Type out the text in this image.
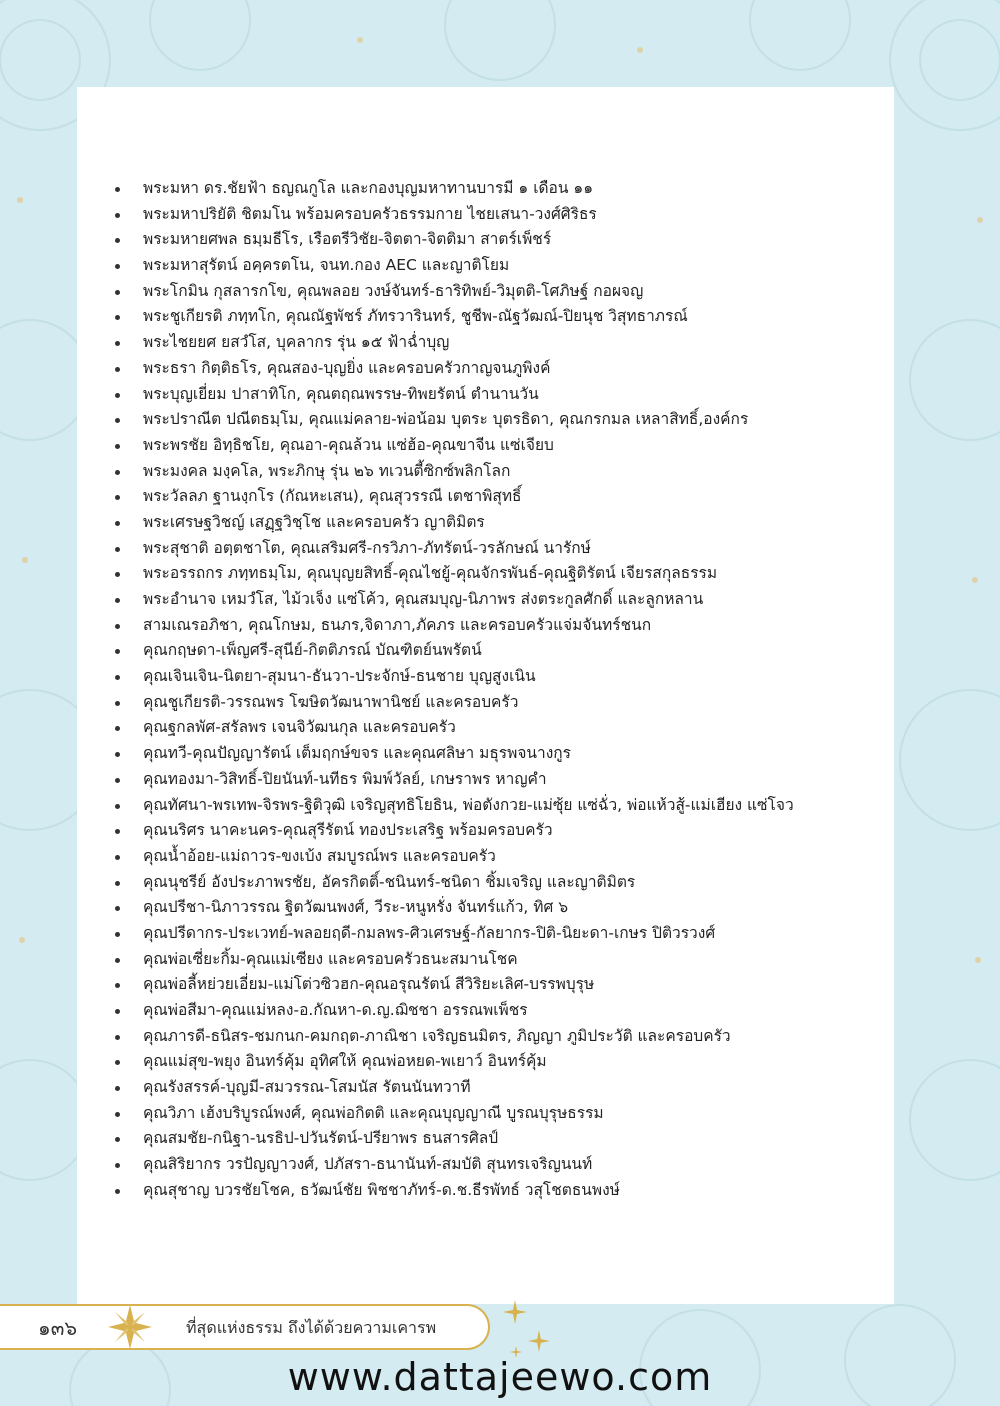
พระมหา ดร.ชัยฟ้า ธญณกูโล และกองบุญมหาทานบารมี ๑ เดือน ๑๑
พระมหาปริยัติ ชิตมโน พร้อมครอบครัวธรรมกาย ไชยเสนา-วงศ์ศิริธร
พระมหายศพล ธมฺมธีโร, เรือตรีวิชัย-จิตตา-จิตติมา สาตร์เพ็ชร์
พระมหาสุรัตน์ อคฺครตโน, จนท.กอง AEC และญาติโยม
พระโกมิน กุสลารกโข, คุณพลอย วงษ์จันทร์-ธาริทิพย์-วิมุตติ-โศภิษฐ์ กอผจญ
พระชูเกียรติ ภทฺทโก, คุณณัฐพัชร์ ภัทรวารินทร์, ชูชีพ-ณัฐวัฒณ์-ปิยนุช วิสุทธาภรณ์
พระไชยยศ ยสวํโส, บุคลากร รุ่น ๑๕ ฟ้าฉ่ำบุญ
พระธรา กิตฺติธโร, คุณสอง-บุญยิ่ง และครอบครัวกาญจนภูพิงค์
พระบุญเยี่ยม ปาสาทิโก, คุณตฤณพรรษ-ทิพยรัตน์ ตำนานวัน
พระปราณีต ปณีตธมฺโม, คุณแม่คลาย-พ่อน้อม บุตระ บุตรธิดา, คุณกรกมล เหลาสิทธิ์,องค์กร
พระพรชัย อิทฺธิชโย, คุณอา-คุณล้วน แซ่ฮ้อ-คุณขาจีน แซ่เจียบ
พระมงคล มงฺคโล, พระภิกษุ รุ่น ๒๖ ทเวนตี้ซิกซ์พลิกโลก
พระวัลลภ ฐานงฺกโร (กัณหะเสน), คุณสุวรรณี เตชาพิสุทธิ์
พระเศรษฐวิชญ์ เสฏฺฐวิชฺโช และครอบครัว ญาติมิตร
พระสุชาติ อตฺตชาโต, คุณเสริมศรี-กรวิภา-ภัทรัตน์-วรลักษณ์ นารักษ์
พระอรรถกร ภทฺทธมฺโม, คุณบุญยสิทธิ์-คุณไชยู้-คุณจักรพันธ์-คุณฐิติรัตน์ เจียรสกุลธรรม
พระอำนาจ เหมวํโส, ไม้วเจ็ง แซ่โค้ว, คุณสมบุญ-นิภาพร ส่งตระกูลศักดิ์ และลูกหลาน
สามเณรอภิชา, คุณโกษม, ธนภร,จิดาภา,ภัคภร และครอบครัวแจ่มจันทร์ชนก
คุณกฤษดา-เพ็ญศรี-สุนีย์-กิตติภรณ์ บัณฑิตย์นพรัตน์
คุณเจินเจิน-นิตยา-สุมนา-ธันวา-ประจักษ์-ธนชาย บุญสูงเนิน
คุณชูเกียรติ-วรรณพร โฆษิตวัฒนาพานิชย์ และครอบครัว
คุณฐกลพัศ-สรัลพร เจนจิวัฒนกุล และครอบครัว
คุณทวี-คุณปัญญารัตน์ เต็มฤกษ์ขจร และคุณศลิษา มธุรพจนางกูร
คุณทองมา-วิสิทธิ์-ปิยนันท์-นทีธร พิมพ์วัลย์, เกษราพร หาญคำ
คุณทัศนา-พรเทพ-จิรพร-ฐิติวุฒิ เจริญสุทธิโยธิน, พ่อตังกวย-แม่ซุ้ย แซ่ฉั่ว, พ่อแห้วสู้-แม่เฮียง แซ่โจว
คุณนริศร นาคะนคร-คุณสุรีรัตน์ ทองประเสริฐ พร้อมครอบครัว
คุณน้ำอ้อย-แม่ถาวร-ขงเบ้ง สมบูรณ์พร และครอบครัว
คุณนุชรีย์ อังประภาพรชัย, อัครกิตติ์-ชนินทร์-ชนิดา ชิ้มเจริญ และญาติมิตร
คุณปรีชา-นิภาวรรณ ฐิตวัฒนพงศ์, วีระ-หนูหรั่ง จันทร์แก้ว, ทิศ ๖
คุณปรีดากร-ประเวทย์-พลอยฤดี-กมลพร-ศิวเศรษฐ์-กัลยากร-ปิติ-นิยะดา-เกษร ปิติวรวงศ์
คุณพ่อเซี่ยะกิ้ม-คุณแม่เซียง และครอบครัวธนะสมานโชค
คุณพ่อลี้หย่วยเอี่ยม-แม่โต่วซิวฮก-คุณอรุณรัตน์ สีวิริยะเลิศ-บรรพบุรุษ
คุณพ่อสีมา-คุณแม่หลง-อ.กัณหา-ด.ญ.ฌิชชา อรรณพเพ็ชร
คุณภารดี-ธนิสร-ชมกนก-คมกฤต-ภาณิชา เจริญธนมิตร, ภิญญา ภูมิประวัติ และครอบครัว
คุณแม่สุข-พยุง อินทร์คุ้ม อุทิศให้ คุณพ่อหยด-พเยาว์ อินทร์คุ้ม
คุณรังสรรค์-บุญมี-สมวรรณ-โสมนัส รัตนนันทวาที
คุณวิภา เฮ้งบริบูรณ์พงศ์, คุณพ่อกิตติ และคุณบุญญาณี บูรณบุรุษธรรม
คุณสมชัย-กนิฐา-นรธิป-ปวันรัตน์-ปรียาพร ธนสารศิลป์
คุณสิริยากร วรปัญญาวงศ์, ปภัสรา-ธนานันท์-สมบัติ สุนทรเจริญนนท์
คุณสุชาญ บวรชัยโชค, ธวัฒน์ชัย พิชชาภัทร์-ด.ช.ธีรพัทธ์ วสุโชตธนพงษ์
๑๓๖	ที่สุดแห่งธรรม ถึงได้ด้วยความเคารพ
www.dattajeewo.com
